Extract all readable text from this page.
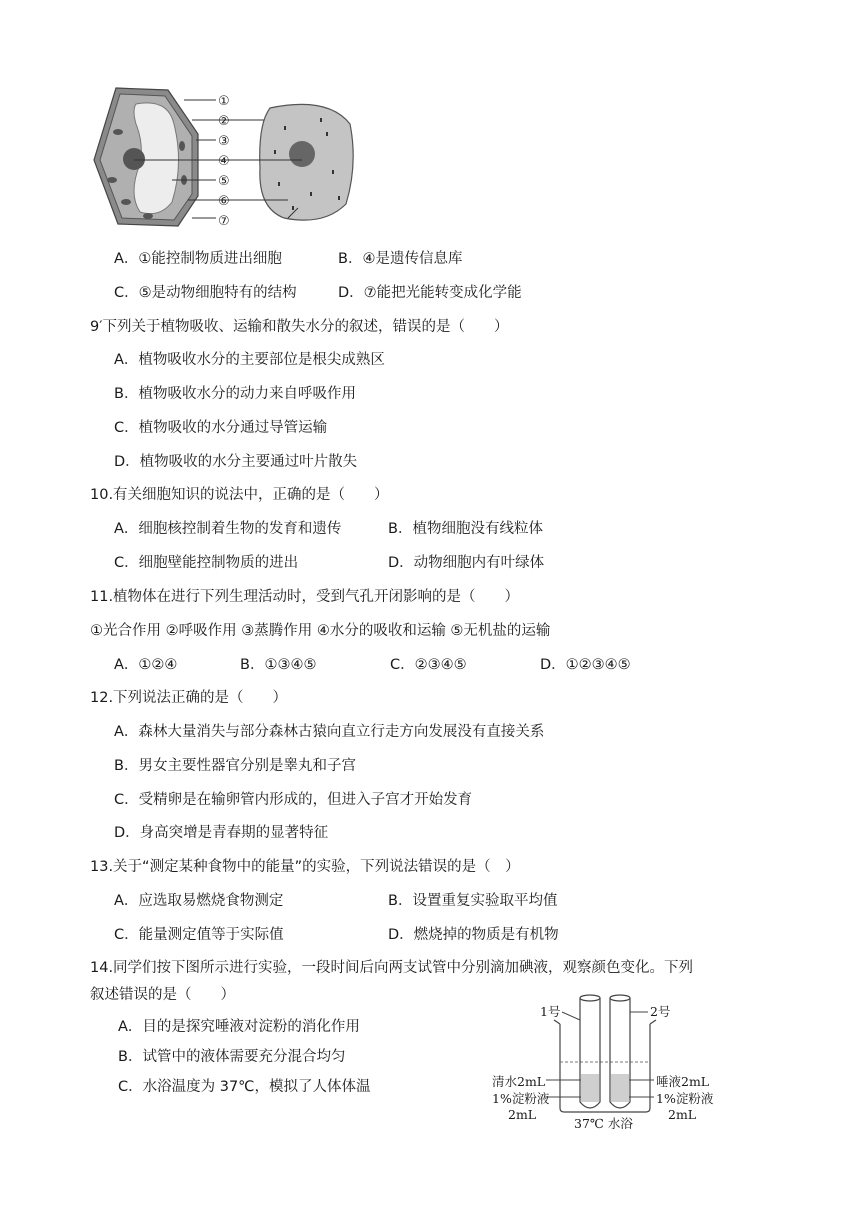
①
②
③
④
⑤
⑥
⑦
A．①能控制物质进出细胞	B．④是遗传信息库
C．⑤是动物细胞特有的结构	D．⑦能把光能转变成化学能
9′下列关于植物吸收、运输和散失水分的叙述，错误的是（　　）
A．植物吸收水分的主要部位是根尖成熟区
B．植物吸收水分的动力来自呼吸作用
C．植物吸收的水分通过导管运输
D．植物吸收的水分主要通过叶片散失
10.有关细胞知识的说法中，正确的是（　　）
A．细胞核控制着生物的发育和遗传	B．植物细胞没有线粒体
C．细胞壁能控制物质的进出	D．动物细胞内有叶绿体
11.植物体在进行下列生理活动时，受到气孔开闭影响的是（　　）
①光合作用 ②呼吸作用 ③蒸腾作用 ④水分的吸收和运输 ⑤无机盐的运输
A．①②④	B．①③④⑤	C．②③④⑤	D．①②③④⑤
12.下列说法正确的是（　　）
A．森林大量消失与部分森林古猿向直立行走方向发展没有直接关系
B．男女主要性器官分别是睾丸和子宫
C．受精卵是在输卵管内形成的，但进入子宫才开始发育
D．身高突增是青春期的显著特征
13.关于“测定某种食物中的能量”的实验，下列说法错误的是（　）
A．应选取易燃烧食物测定	B．设置重复实验取平均值
C．能量测定值等于实际值	D．燃烧掉的物质是有机物
14.同学们按下图所示进行实验，一段时间后向两支试管中分别滴加碘液，观察颜色变化。下列
叙述错误的是（　　）
A．目的是探究唾液对淀粉的消化作用
B．试管中的液体需要充分混合均匀
C．水浴温度为 37℃，模拟了人体体温
1号	2号
清水2mL
1%淀粉液
2mL
唾液2mL
1%淀粉液
2mL
37℃ 水浴
